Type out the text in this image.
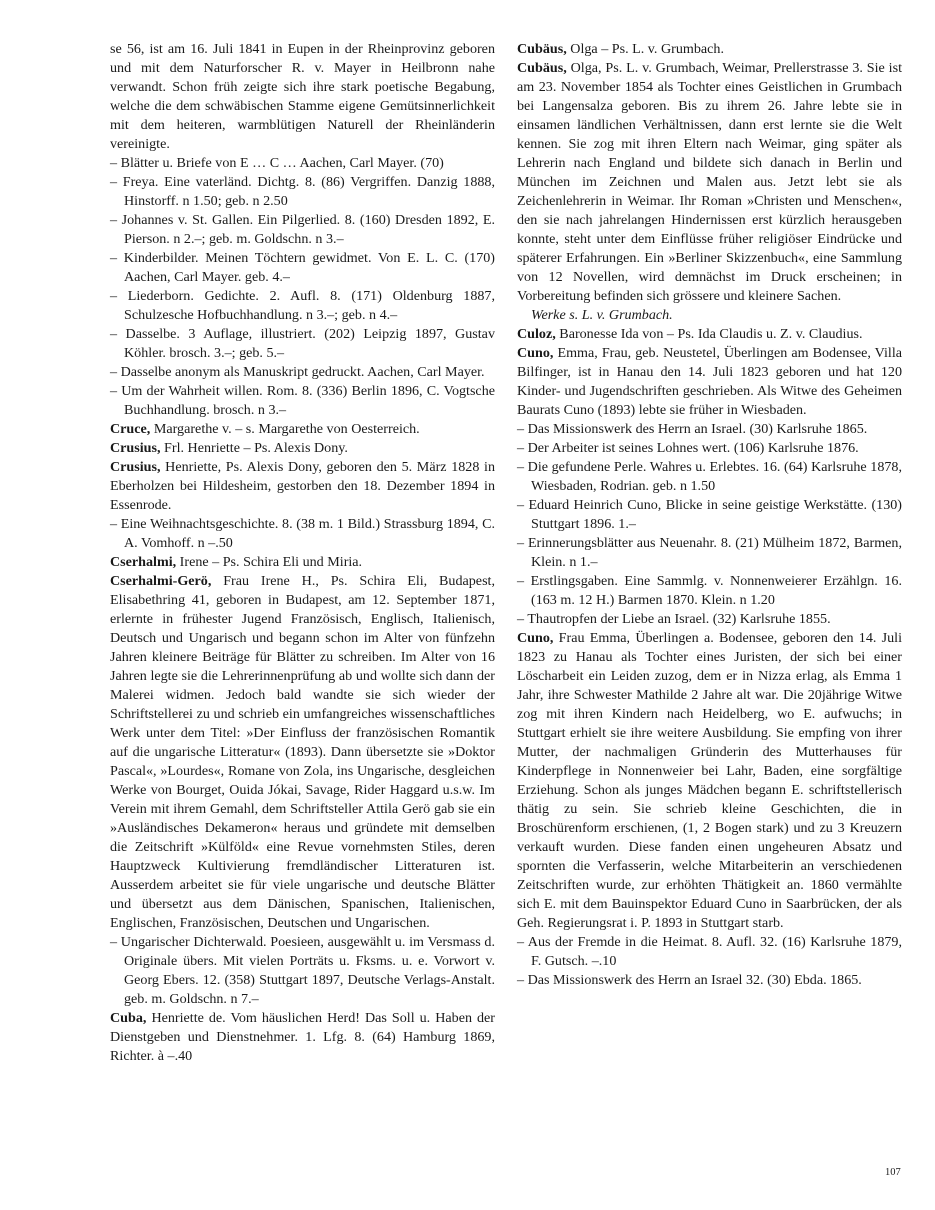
se 56, ist am 16. Juli 1841 in Eupen in der Rheinprovinz geboren und mit dem Naturforscher R. v. Mayer in Heilbronn nahe verwandt. Schon früh zeigte sich ihre stark poetische Begabung, welche die dem schwäbischen Stamme eigene Gemütsinnerlichkeit mit dem heiteren, warmblütigen Naturell der Rheinländerin vereinigte.

– Blätter u. Briefe von E … C … Aachen, Carl Mayer. (70)

– Freya. Eine vaterländ. Dichtg. 8. (86) Vergriffen. Danzig 1888, Hinstorff. n 1.50; geb. n 2.50

– Johannes v. St. Gallen. Ein Pilgerlied. 8. (160) Dresden 1892, E. Pierson. n 2.–; geb. m. Goldschn. n 3.–

– Kinderbilder. Meinen Töchtern gewidmet. Von E. L. C. (170) Aachen, Carl Mayer. geb. 4.–

– Liederborn. Gedichte. 2. Aufl. 8. (171) Oldenburg 1887, Schulzesche Hofbuchhandlung. n 3.–; geb. n 4.–

– Dasselbe. 3 Auflage, illustriert. (202) Leipzig 1897, Gustav Köhler. brosch. 3.–; geb. 5.–

– Dasselbe anonym als Manuskript gedruckt. Aachen, Carl Mayer.

– Um der Wahrheit willen. Rom. 8. (336) Berlin 1896, C. Vogtsche Buchhandlung. brosch. n 3.–

Cruce, Margarethe v. – s. Margarethe von Oesterreich.

Crusius, Frl. Henriette – Ps. Alexis Dony.

Crusius, Henriette, Ps. Alexis Dony, geboren den 5. März 1828 in Eberholzen bei Hildesheim, gestorben den 18. Dezember 1894 in Essenrode.

– Eine Weihnachtsgeschichte. 8. (38 m. 1 Bild.) Strassburg 1894, C. A. Vomhoff. n –.50

Cserhalmi, Irene – Ps. Schira Eli und Miria.

Cserhalmi-Gerö, Frau Irene H., Ps. Schira Eli, Budapest, Elisabethring 41, geboren in Budapest, am 12. September 1871, erlernte in frühester Jugend Französisch, Englisch, Italienisch, Deutsch und Ungarisch und begann schon im Alter von fünfzehn Jahren kleinere Beiträge für Blätter zu schreiben. Im Alter von 16 Jahren legte sie die Lehrerinnenprüfung ab und wollte sich dann der Malerei widmen. Jedoch bald wandte sie sich wieder der Schriftstellerei zu und schrieb ein umfangreiches wissenschaftliches Werk unter dem Titel: »Der Einfluss der französischen Romantik auf die ungarische Litteratur« (1893). Dann übersetzte sie »Doktor Pascal«, »Lourdes«, Romane von Zola, ins Ungarische, desgleichen Werke von Bourget, Ouida Jókai, Savage, Rider Haggard u.s.w. Im Verein mit ihrem Gemahl, dem Schriftsteller Attila Gerö gab sie ein »Ausländisches Dekameron« heraus und gründete mit demselben die Zeitschrift »Külföld« eine Revue vornehmsten Stiles, deren Hauptzweck Kultivierung fremdländischer Litteraturen ist. Ausserdem arbeitet sie für viele ungarische und deutsche Blätter und übersetzt aus dem Dänischen, Spanischen, Italienischen, Englischen, Französischen, Deutschen und Ungarischen.

– Ungarischer Dichterwald. Poesieen, ausgewählt u. im Versmass d. Originale übers. Mit vielen Porträts u. Fksms. u. e. Vorwort v. Georg Ebers. 12. (358) Stuttgart 1897, Deutsche Verlags-Anstalt. geb. m. Goldschn. n 7.–

Cuba, Henriette de. Vom häuslichen Herd! Das Soll u. Haben der Dienstgeben und Dienstnehmer. 1. Lfg. 8. (64) Hamburg 1869, Richter. à –.40

Cubäus, Olga – Ps. L. v. Grumbach.

Cubäus, Olga, Ps. L. v. Grumbach, Weimar, Prellerstrasse 3. Sie ist am 23. November 1854 als Tochter eines Geistlichen in Grumbach bei Langensalza geboren. Bis zu ihrem 26. Jahre lebte sie in einsamen ländlichen Verhältnissen, dann erst lernte sie die Welt kennen. Sie zog mit ihren Eltern nach Weimar, ging später als Lehrerin nach England und bildete sich danach in Berlin und München im Zeichnen und Malen aus. Jetzt lebt sie als Zeichenlehrerin in Weimar. Ihr Roman »Christen und Menschen«, den sie nach jahrelangen Hindernissen erst kürzlich herausgeben konnte, steht unter dem Einflüsse früher religiöser Eindrücke und späterer Erfahrungen. Ein »Berliner Skizzenbuch«, eine Sammlung von 12 Novellen, wird demnächst im Druck erscheinen; in Vorbereitung befinden sich grössere und kleinere Sachen.

Werke s. L. v. Grumbach.

Culoz, Baronesse Ida von – Ps. Ida Claudis u. Z. v. Claudius.

Cuno, Emma, Frau, geb. Neustetel, Überlingen am Bodensee, Villa Bilfinger, ist in Hanau den 14. Juli 1823 geboren und hat 120 Kinder- und Jugendschriften geschrieben. Als Witwe des Geheimen Baurats Cuno (1893) lebte sie früher in Wiesbaden.

– Das Missionswerk des Herrn an Israel. (30) Karlsruhe 1865.

– Der Arbeiter ist seines Lohnes wert. (106) Karlsruhe 1876.

– Die gefundene Perle. Wahres u. Erlebtes. 16. (64) Karlsruhe 1878, Wiesbaden, Rodrian. geb. n 1.50

– Eduard Heinrich Cuno, Blicke in seine geistige Werkstätte. (130) Stuttgart 1896. 1.–

– Erinnerungsblätter aus Neuenahr. 8. (21) Mülheim 1872, Barmen, Klein. n 1.–

– Erstlingsgaben. Eine Sammlg. v. Nonnenweierer Erzählgn. 16. (163 m. 12 H.) Barmen 1870. Klein. n 1.20

– Thautropfen der Liebe an Israel. (32) Karlsruhe 1855.

Cuno, Frau Emma, Überlingen a. Bodensee, geboren den 14. Juli 1823 zu Hanau als Tochter eines Juristen, der sich bei einer Löscharbeit ein Leiden zuzog, dem er in Nizza erlag, als Emma 1 Jahr, ihre Schwester Mathilde 2 Jahre alt war. Die 20jährige Witwe zog mit ihren Kindern nach Heidelberg, wo E. aufwuchs; in Stuttgart erhielt sie ihre weitere Ausbildung. Sie empfing von ihrer Mutter, der nachmaligen Gründerin des Mutterhauses für Kinderpflege in Nonnenweier bei Lahr, Baden, eine sorgfältige Erziehung. Schon als junges Mädchen begann E. schriftstellerisch thätig zu sein. Sie schrieb kleine Geschichten, die in Broschürenform erschienen, (1, 2 Bogen stark) und zu 3 Kreuzern verkauft wurden. Diese fanden einen ungeheuren Absatz und spornten die Verfasserin, welche Mitarbeiterin an verschiedenen Zeitschriften wurde, zur erhöhten Thätigkeit an. 1860 vermählte sich E. mit dem Bauinspektor Eduard Cuno in Saarbrücken, der als Geh. Regierungsrat i. P. 1893 in Stuttgart starb.

– Aus der Fremde in die Heimat. 8. Aufl. 32. (16) Karlsruhe 1879, F. Gutsch. –.10

– Das Missionswerk des Herrn an Israel 32. (30) Ebda. 1865.

107
